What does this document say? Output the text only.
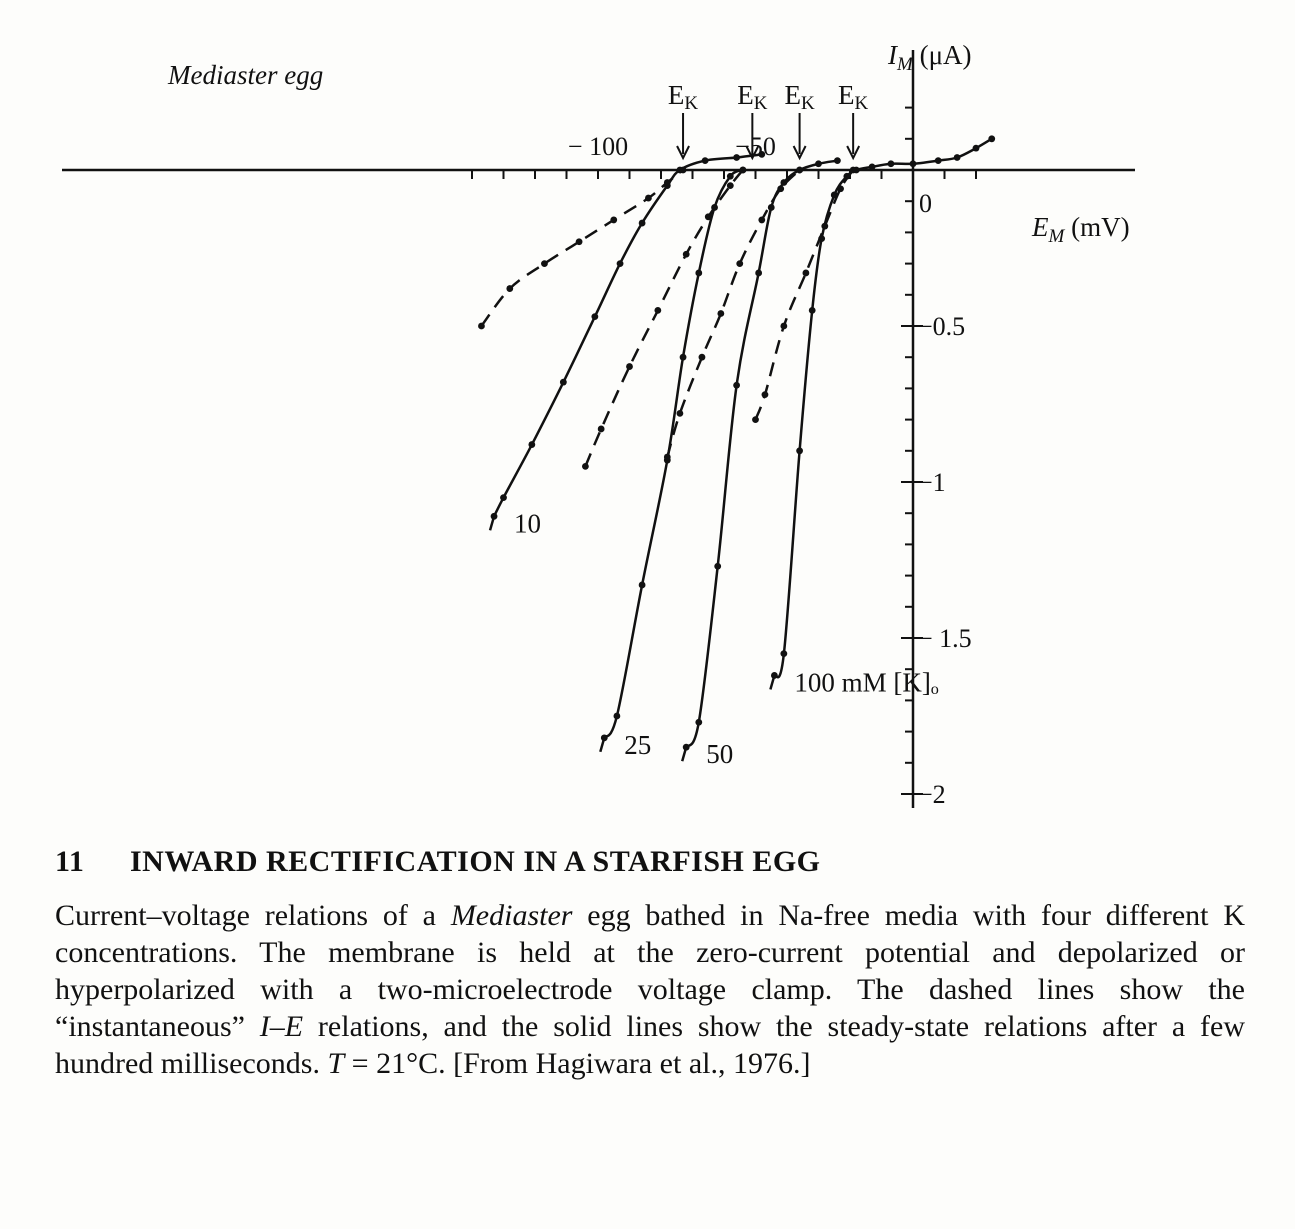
− 100	−50
0
−0.5
−1
− 1.5
−2
$I_M$ (μA)
$E_M$ (mV)
Mediaster egg
EK EK EK EK
10
25 50
100 mM [K]ₒ
11 INWARD RECTIFICATION IN A STARFISH EGG
Current–voltage relations of a Mediaster egg bathed in Na-free media with four different K concentrations. The membrane is held at the zero-current potential and depolarized or hyperpolarized with a two-microelectrode voltage clamp. The dashed lines show the “instantaneous” I–E relations, and the solid lines show the steady-state relations after a few hundred milliseconds. T = 21°C. [From Hagiwara et al., 1976.]
